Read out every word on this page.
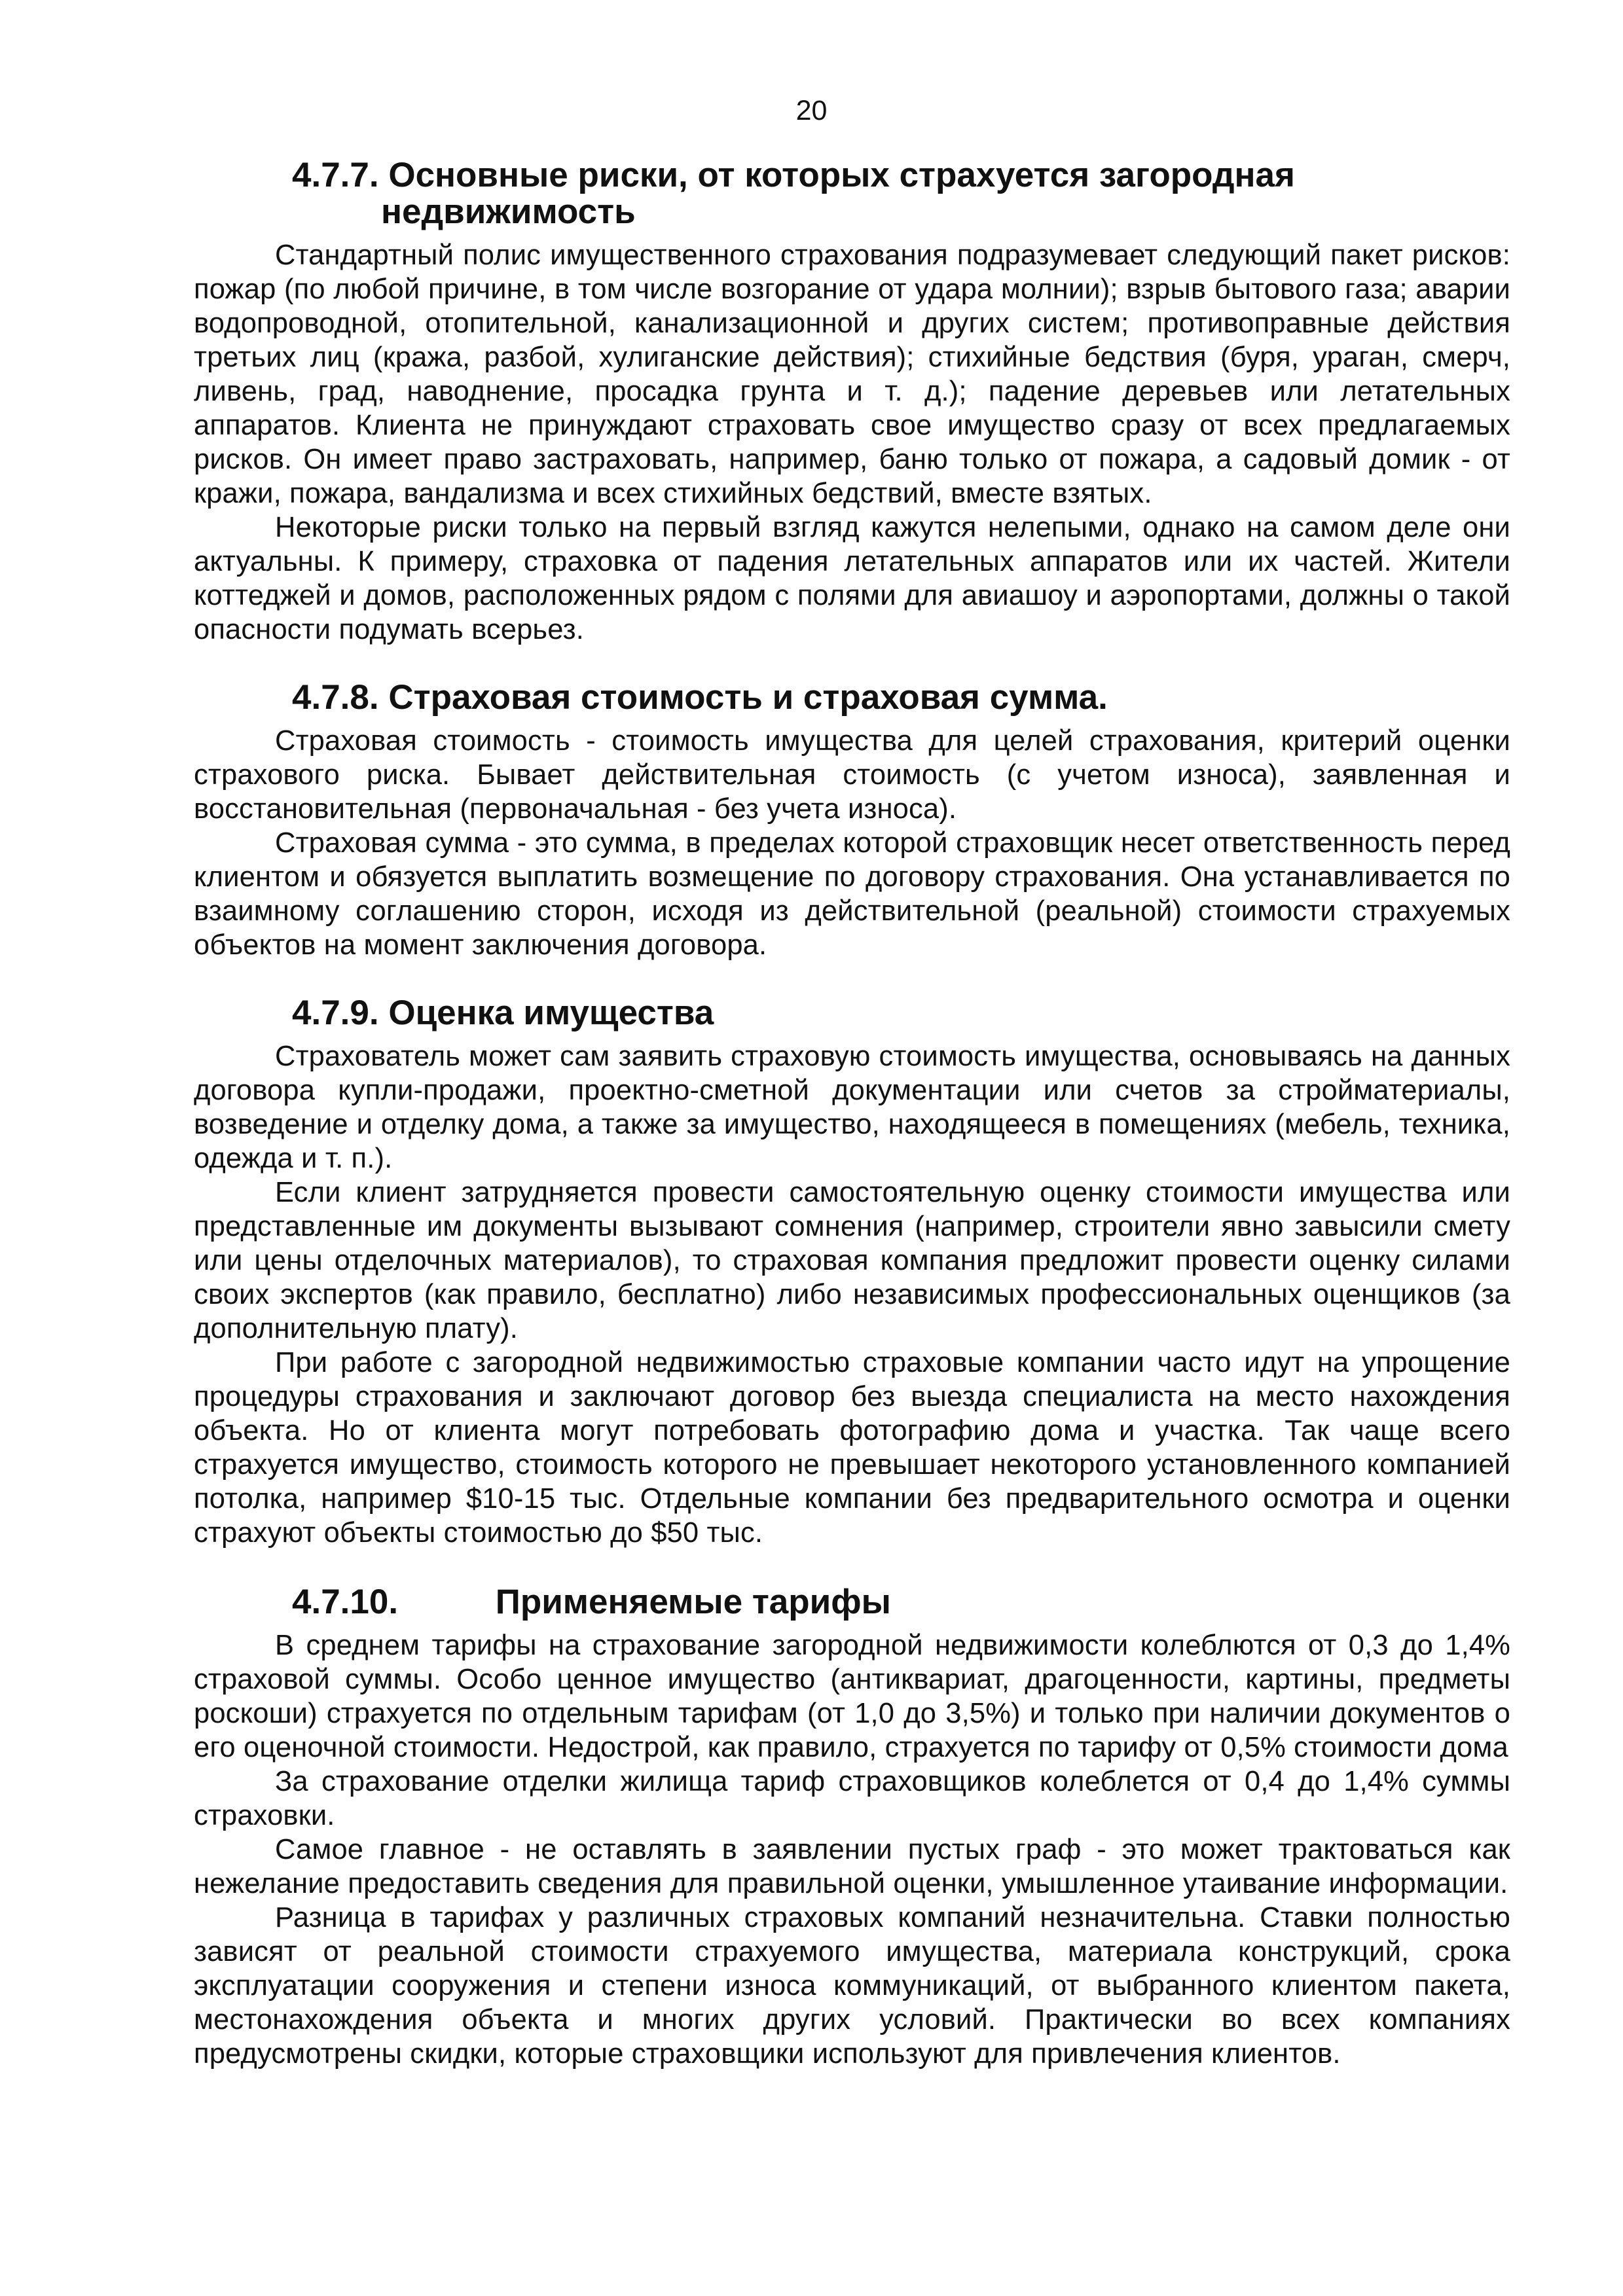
20
4.7.7. Основные риски, от которых страхуется загородная
недвижимость

Стандартный полис имущественного страхования подразумевает следующий пакет рисков: пожар (по любой причине, в том числе возгорание от удара молнии); взрыв бытового газа; аварии водопроводной, отопительной, канализационной и других систем; противоправные действия третьих лиц (кража, разбой, хулиганские действия); стихийные бедствия (буря, ураган, смерч, ливень, град, наводнение, просадка грунта и т. д.); падение деревьев или летательных аппаратов. Клиента не принуждают страховать свое имущество сразу от всех предлагаемых рисков. Он имеет право застраховать, например, баню только от пожара, а садовый домик - от кражи, пожара, вандализма и всех стихийных бедствий, вместе взятых.

Некоторые риски только на первый взгляд кажутся нелепыми, однако на самом деле они актуальны. К примеру, страховка от падения летательных аппаратов или их частей. Жители коттеджей и домов, расположенных рядом с полями для авиашоу и аэропортами, должны о такой опасности подумать всерьез.

4.7.8. Страховая стоимость и страховая сумма.

Страховая стоимость - стоимость имущества для целей страхования, критерий оценки страхового риска. Бывает действительная стоимость (с учетом износа), заявленная и восстановительная (первоначальная - без учета износа).

Страховая сумма - это сумма, в пределах которой страховщик несет ответственность перед клиентом и обязуется выплатить возмещение по договору страхования. Она устанавливается по взаимному соглашению сторон, исходя из действительной (реальной) стоимости страхуемых объектов на момент заключения договора.

4.7.9. Оценка имущества

Страхователь может сам заявить страховую стоимость имущества, основываясь на данных договора купли-продажи, проектно-сметной документации или счетов за стройматериалы, возведение и отделку дома, а также за имущество, находящееся в помещениях (мебель, техника, одежда и т. п.).

Если клиент затрудняется провести самостоятельную оценку стоимости имущества или представленные им документы вызывают сомнения (например, строители явно завысили смету или цены отделочных материалов), то страховая компания предложит провести оценку силами своих экспертов (как правило, бесплатно) либо независимых профессиональных оценщиков (за дополнительную плату).

При работе с загородной недвижимостью страховые компании часто идут на упрощение процедуры страхования и заключают договор без выезда специалиста на место нахождения объекта. Но от клиента могут потребовать фотографию дома и участка. Так чаще всего страхуется имущество, стоимость которого не превышает некоторого установленного компанией потолка, например $10-15 тыс. Отдельные компании без предварительного осмотра и оценки страхуют объекты стоимостью до $50 тыс.

4.7.10.	Применяемые тарифы

В среднем тарифы на страхование загородной недвижимости колеблются от 0,3 до 1,4% страховой суммы. Особо ценное имущество (антиквариат, драгоценности, картины, предметы роскоши) страхуется по отдельным тарифам (от 1,0 до 3,5%) и только при наличии документов о его оценочной стоимости. Недострой, как правило, страхуется по тарифу от 0,5% стоимости дома

За страхование отделки жилища тариф страховщиков колеблется от 0,4 до 1,4% суммы страховки.

Самое главное - не оставлять в заявлении пустых граф - это может трактоваться как нежелание предоставить сведения для правильной оценки, умышленное утаивание информации.

Разница в тарифах у различных страховых компаний незначительна. Ставки полностью зависят от реальной стоимости страхуемого имущества, материала конструкций, срока эксплуатации сооружения и степени износа коммуникаций, от выбранного клиентом пакета, местонахождения объекта и многих других условий. Практически во всех компаниях предусмотрены скидки, которые страховщики используют для привлечения клиентов.
